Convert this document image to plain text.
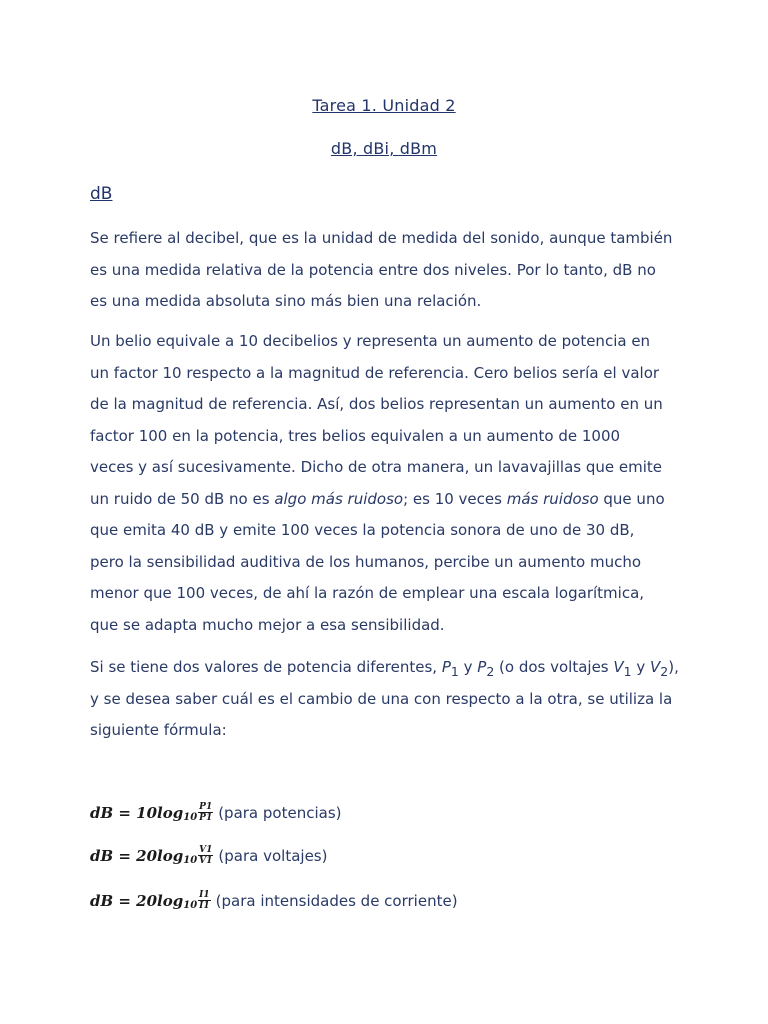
Tarea 1. Unidad 2
dB, dBi, dBm
dB
Se refiere al decibel, que es la unidad de medida del sonido, aunque también
es una medida relativa de la potencia entre dos niveles. Por lo tanto, dB no
es una medida absoluta sino más bien una relación.
Un belio equivale a 10 decibelios y representa un aumento de potencia en
un factor 10 respecto a la magnitud de referencia. Cero belios sería el valor
de la magnitud de referencia. Así, dos belios representan un aumento en un
factor 100 en la potencia, tres belios equivalen a un aumento de 1000
veces y así sucesivamente. Dicho de otra manera, un lavavajillas que emite
un ruido de 50 dB no es algo más ruidoso; es 10 veces más ruidoso que uno
que emita 40 dB y emite 100 veces la potencia sonora de uno de 30 dB,
pero la sensibilidad auditiva de los humanos, percibe un aumento mucho
menor que 100 veces, de ahí la razón de emplear una escala logarítmica,
que se adapta mucho mejor a esa sensibilidad.
Si se tiene dos valores de potencia diferentes, $P_1$ y $P_2$ (o dos voltajes $V_1$ y $V_2$),
y se desea saber cuál es el cambio de una con respecto a la otra, se utiliza la
siguiente fórmula:
dB = 10log $10 \frac{P1}{P1}$ (para potencias)
dB = 20log $10 \frac{V1}{V1}$ (para voltajes)
dB = 20log $10 \frac{I1}{I1}$ (para intensidades de corriente)
